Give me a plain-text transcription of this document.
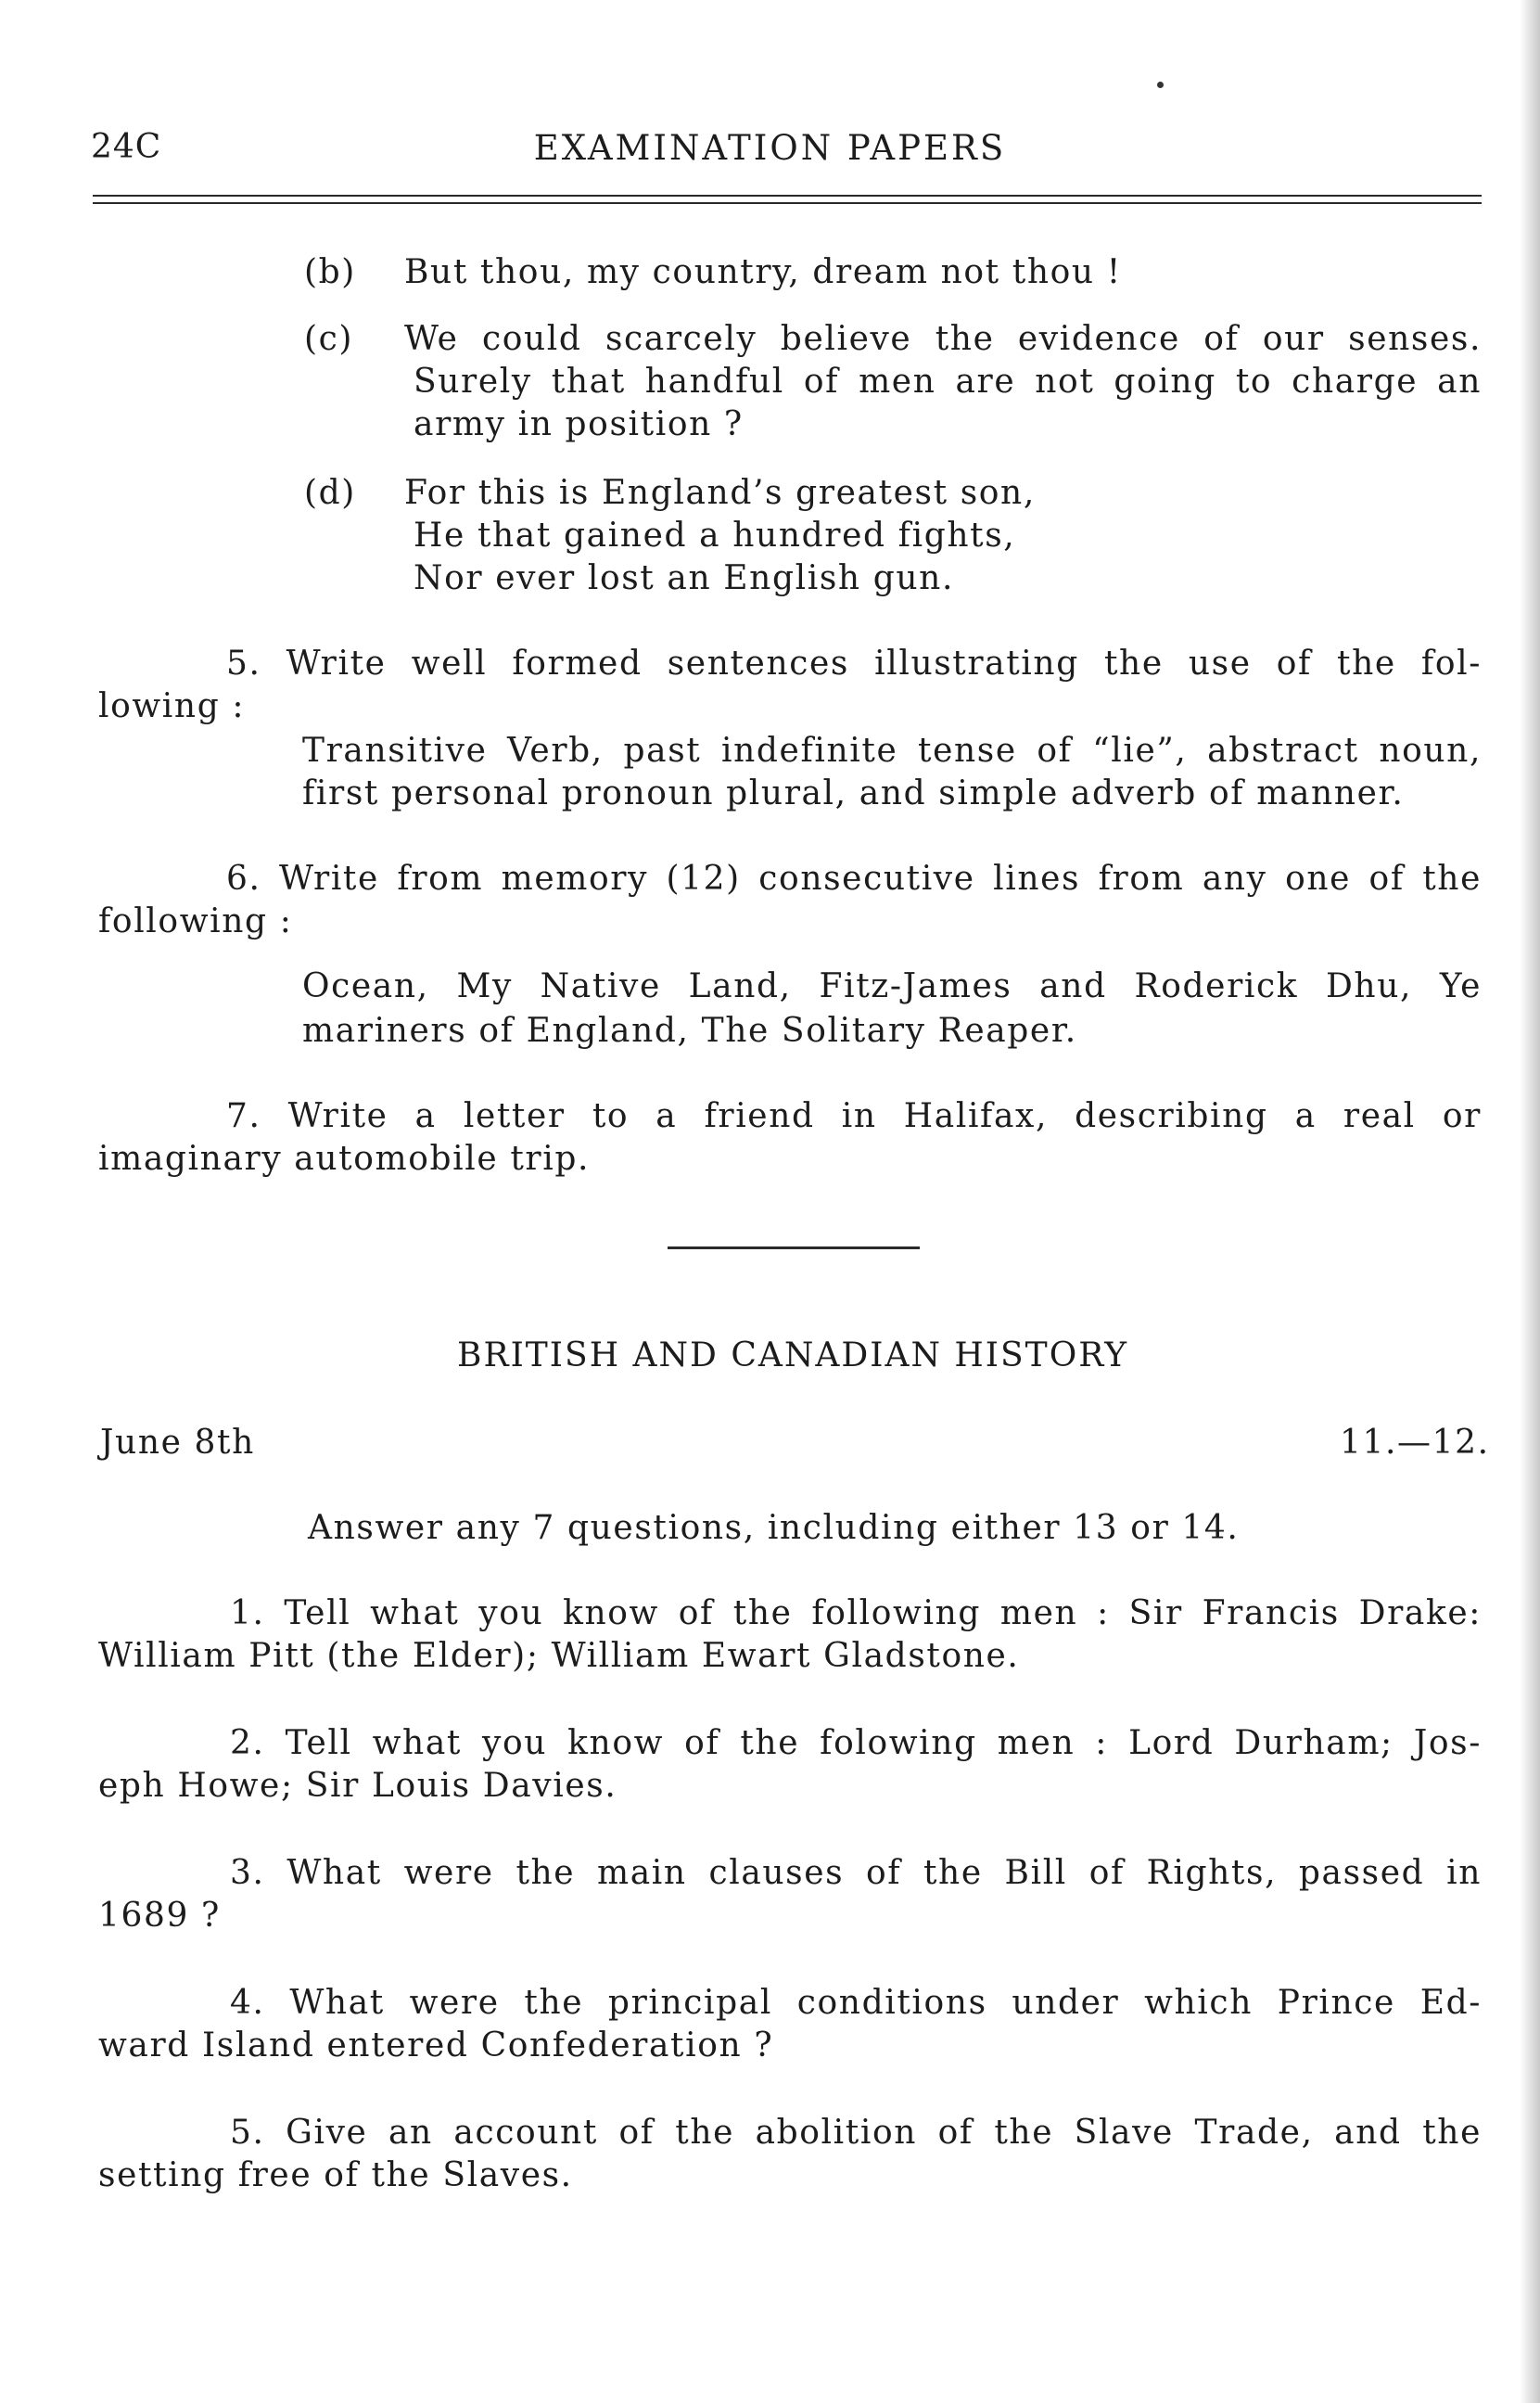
24C	EXAMINATION PAPERS
(b) But thou, my country, dream not thou !
(c) We could scarcely believe the evidence of our senses.
Surely that handful of men are not going to charge an
army in position ?
(d) For this is England’s greatest son,
He that gained a hundred fights,
Nor ever lost an English gun.
5. Write well formed sentences illustrating the use of the fol-
lowing :
Transitive Verb, past indefinite tense of “lie”, abstract noun,
first personal pronoun plural, and simple adverb of manner.
6. Write from memory (12) consecutive lines from any one of the
following :
Ocean, My Native Land, Fitz-James and Roderick Dhu, Ye
mariners of England, The Solitary Reaper.
7. Write a letter to a friend in Halifax, describing a real or
imaginary automobile trip.
BRITISH AND CANADIAN HISTORY
June 8th	11.—12.
Answer any 7 questions, including either 13 or 14.
1. Tell what you know of the following men : Sir Francis Drake:
William Pitt (the Elder); William Ewart Gladstone.
2. Tell what you know of the folowing men : Lord Durham; Jos-
eph Howe; Sir Louis Davies.
3. What were the main clauses of the Bill of Rights, passed in
1689 ?
4. What were the principal conditions under which Prince Ed-
ward Island entered Confederation ?
5. Give an account of the abolition of the Slave Trade, and the
setting free of the Slaves.
